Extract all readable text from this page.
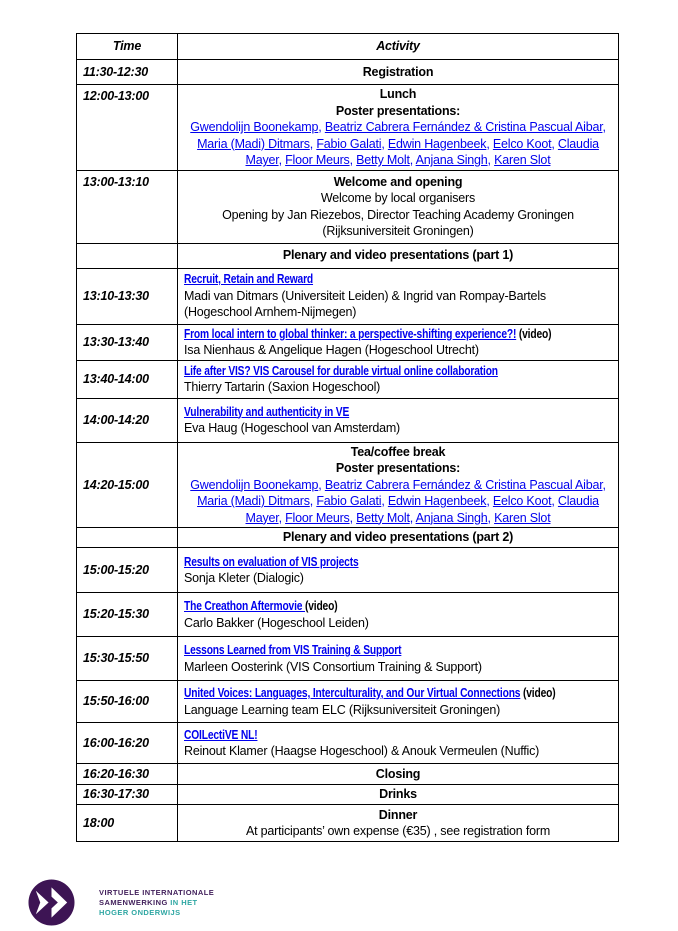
Time	Activity
11:30-12:30	Registration

12:00-13:00	Lunch
Poster presentations:
Gwendolijn Boonekamp, Beatriz Cabrera Fernández & Cristina Pascual Aibar, Maria (Madi) Ditmars, Fabio Galati, Edwin Hagenbeek, Eelco Koot, Claudia Mayer, Floor Meurs, Betty Molt, Anjana Singh, Karen Slot

13:00-13:10	Welcome and opening
Welcome by local organisers
Opening by Jan Riezebos, Director Teaching Academy Groningen
(Rijksuniversiteit Groningen)

	Plenary and video presentations (part 1)

13:10-13:30	Recruit, Retain and Reward
Madi van Ditmars (Universiteit Leiden) & Ingrid van Rompay-Bartels (Hogeschool Arnhem-Nijmegen)

13:30-13:40	From local intern to global thinker: a perspective-shifting experience?! (video)
Isa Nienhaus & Angelique Hagen (Hogeschool Utrecht)

13:40-14:00	Life after VIS? VIS Carousel for durable virtual online collaboration
Thierry Tartarin (Saxion Hogeschool)

14:00-14:20	Vulnerability and authenticity in VE
Eva Haug (Hogeschool van Amsterdam)

14:20-15:00	Tea/coffee break
Poster presentations:
Gwendolijn Boonekamp, Beatriz Cabrera Fernández & Cristina Pascual Aibar, Maria (Madi) Ditmars, Fabio Galati, Edwin Hagenbeek, Eelco Koot, Claudia Mayer, Floor Meurs, Betty Molt, Anjana Singh, Karen Slot

	Plenary and video presentations (part 2)

15:00-15:20	Results on evaluation of VIS projects
Sonja Kleter (Dialogic)

15:20-15:30	The Creathon Aftermovie (video)
Carlo Bakker (Hogeschool Leiden)

15:30-15:50	Lessons Learned from VIS Training & Support
Marleen Oosterink (VIS Consortium Training & Support)

15:50-16:00	United Voices: Languages, Interculturality, and Our Virtual Connections (video)
Language Learning team ELC (Rijksuniversiteit Groningen)

16:00-16:20	COILectiVE NL!
Reinout Klamer (Haagse Hogeschool) & Anouk Vermeulen (Nuffic)

16:20-16:30	Closing

16:30-17:30	Drinks

18:00	Dinner
At participants’ own expense (€35) , see registration form
VIRTUELE INTERNATIONALE
SAMENWERKING IN HET
HOGER ONDERWIJS
